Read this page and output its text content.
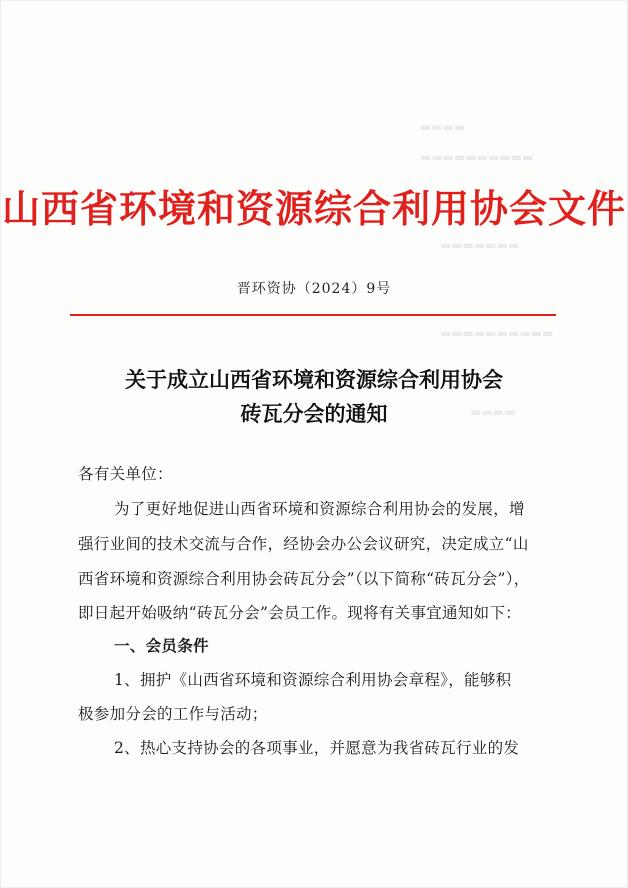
▬▬▬▬
▬▬▬▬▬▬▬▬▬▬
▬▬▬▬▬▬▬
▬▬▬▬▬▬▬▬▬▬
▬▬▬▬
山西省环境和资源综合利用协会文件
晋环资协（2024）9号
关于成立山西省环境和资源综合利用协会
砖瓦分会的通知
各有关单位：
为了更好地促进山西省环境和资源综合利用协会的发展，增
强行业间的技术交流与合作，经协会办公会议研究，决定成立“山
西省环境和资源综合利用协会砖瓦分会”（以下简称“砖瓦分会”），
即日起开始吸纳“砖瓦分会”会员工作。现将有关事宜通知如下：
一、会员条件
1、拥护《山西省环境和资源综合利用协会章程》，能够积
极参加分会的工作与活动；
2、热心支持协会的各项事业，并愿意为我省砖瓦行业的发
